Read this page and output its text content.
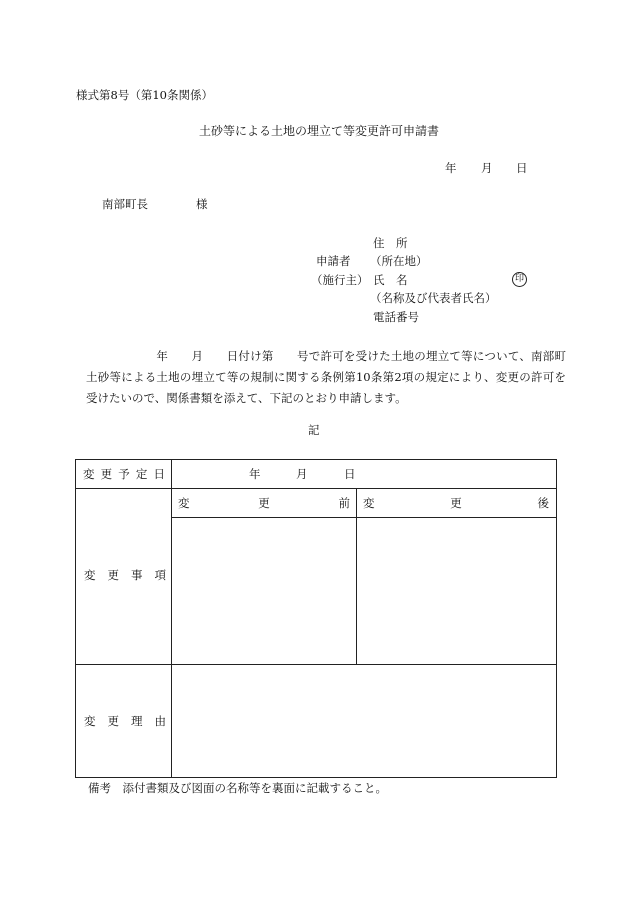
様式第8号（第10条関係）
土砂等による土地の埋立て等変更許可申請書
年 月 日
南部町長	様
住　所
申請者 （所在地）
（施行主） 氏　名	印
（名称及び代表者氏名）
電話番号
　　　　　　年　　月　　日付け第　　号で許可を受けた土地の埋立て等について、南部町土砂等による土地の埋立て等の規制に関する条例第10条第2項の規定により、変更の許可を受けたいので、関係書類を添えて、下記のとおり申請します。
記
変 更 予 定 日	年	月	日
変 更 事 項
変	更	前 変	更	後
変 更 理 由
備考　添付書類及び図面の名称等を裏面に記載すること。
